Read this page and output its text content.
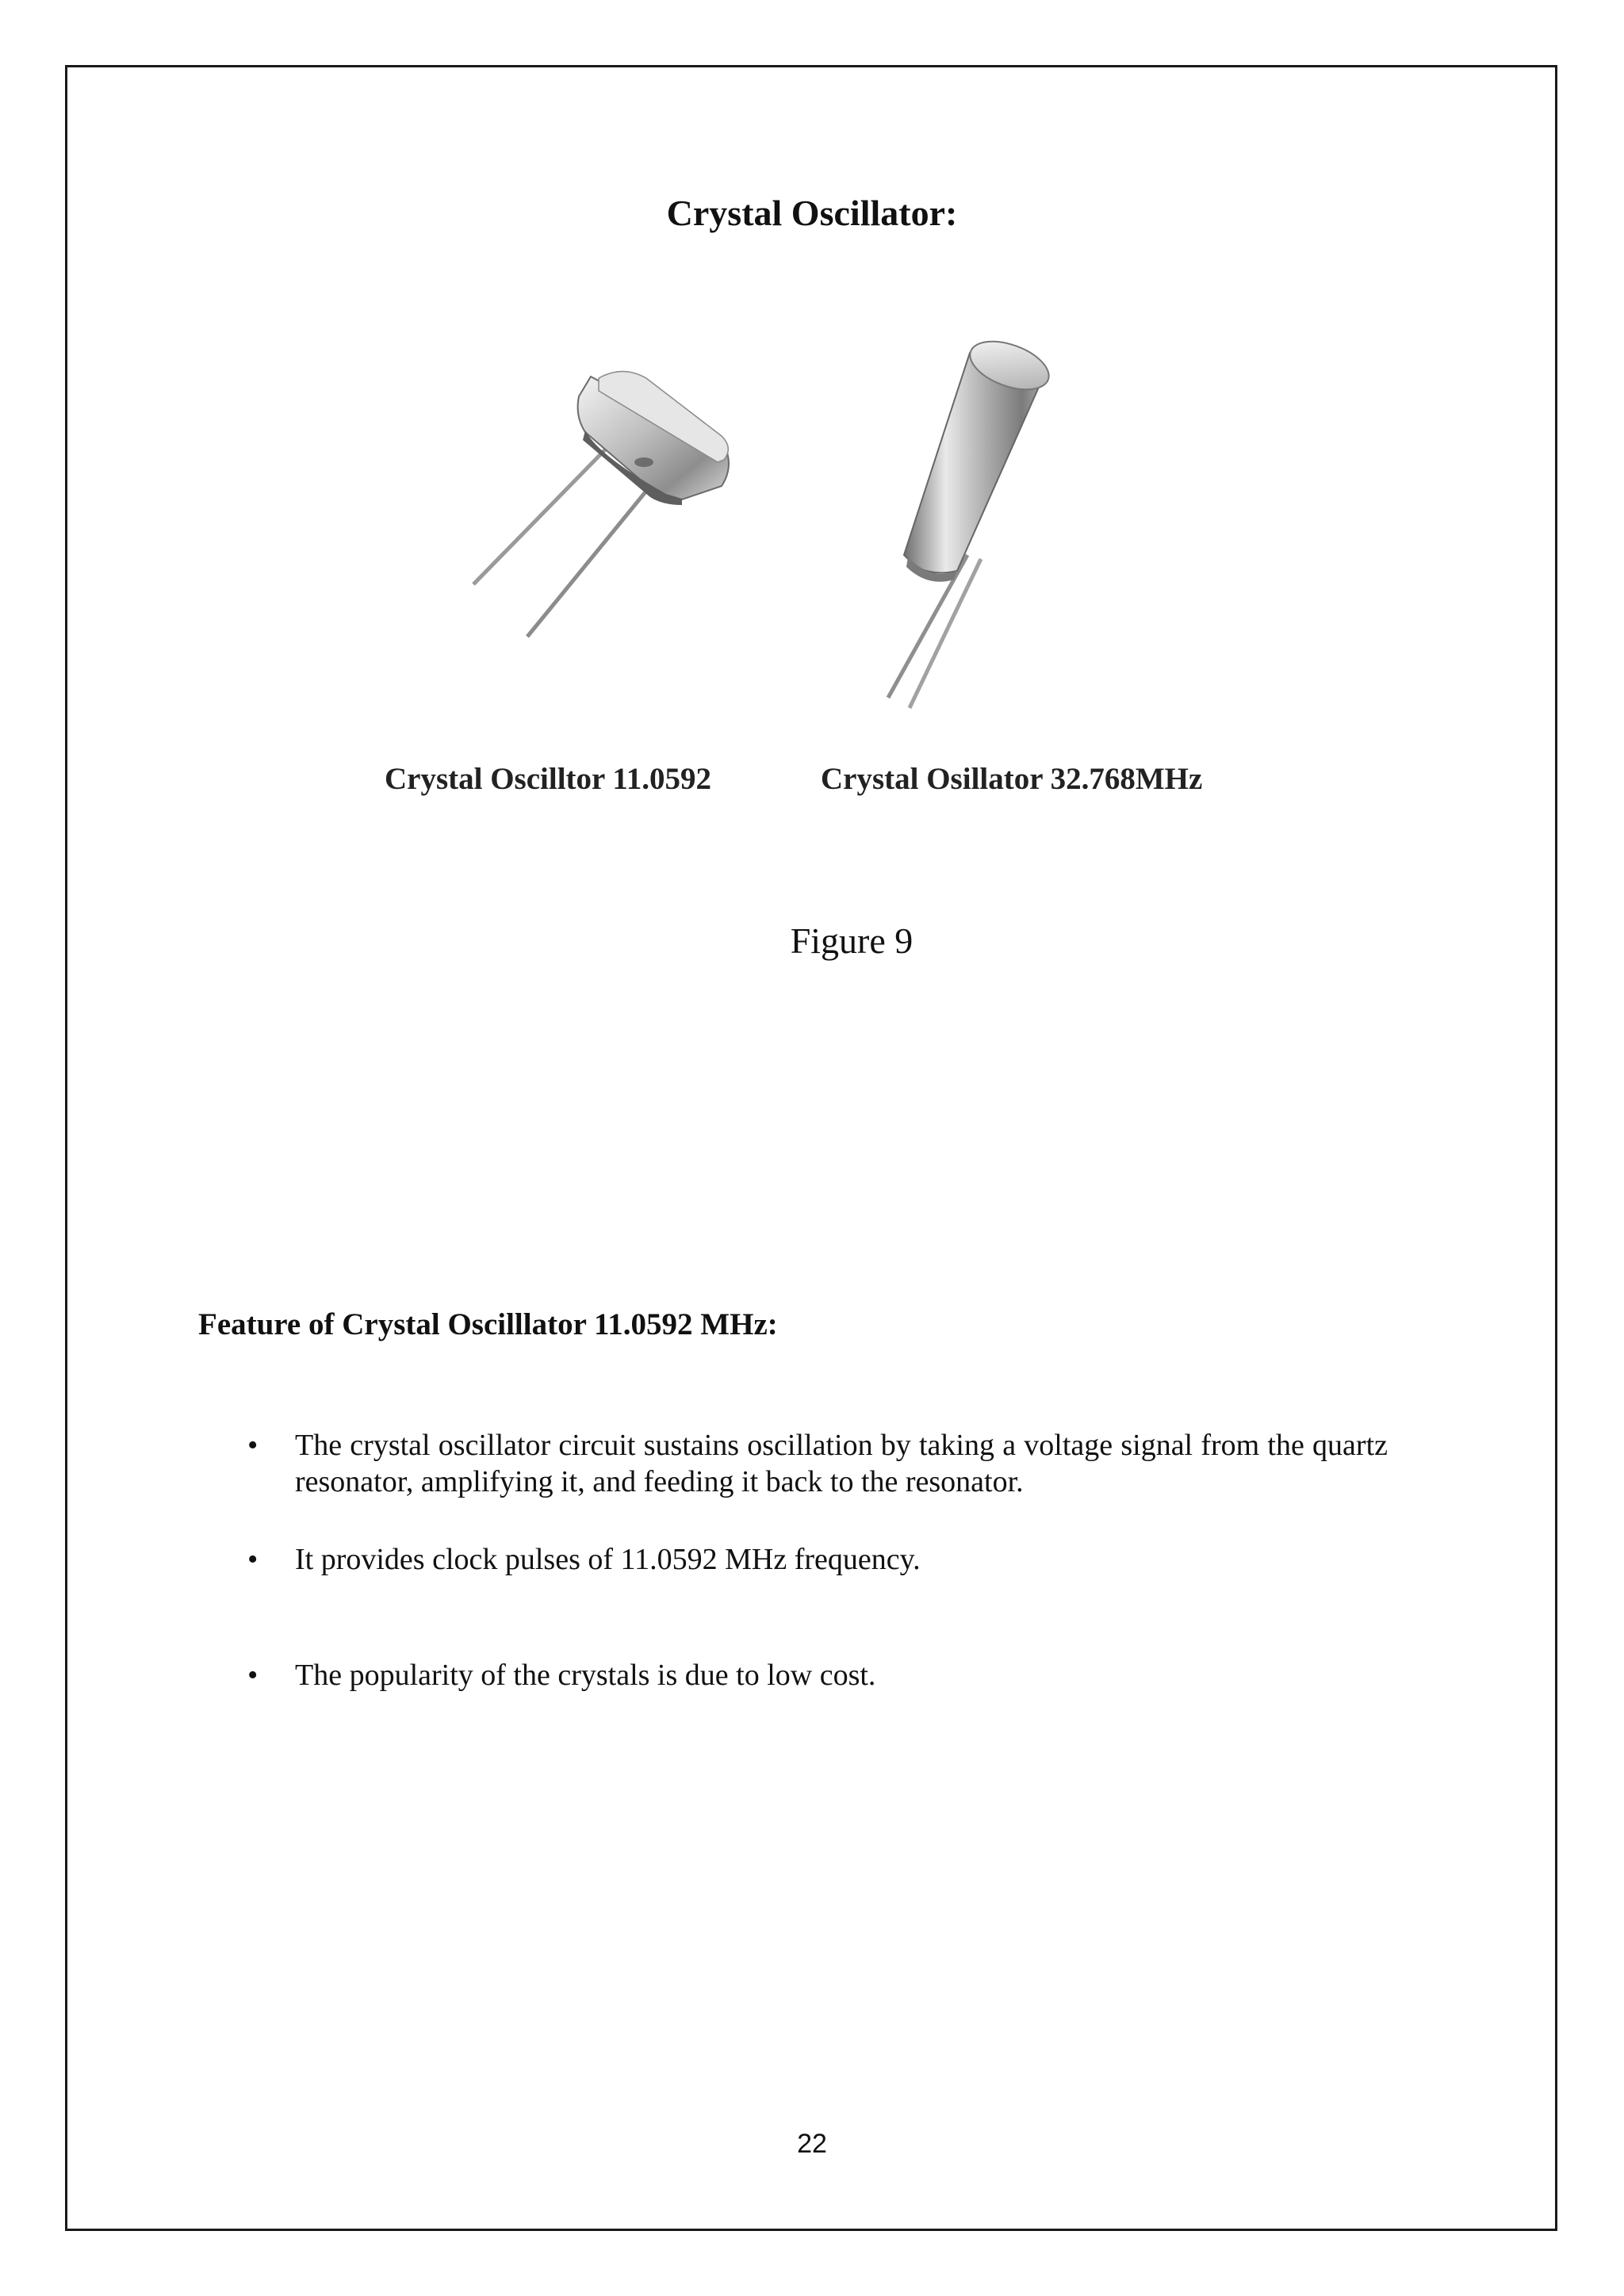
Crystal Oscillator:
Crystal Oscilltor 11.0592	Crystal Osillator 32.768MHz
Figure 9
Feature of Crystal Oscilllator 11.0592 MHz:
• The crystal oscillator circuit sustains oscillation by taking a voltage signal from the quartz resonator, amplifying it, and feeding it back to the resonator.
• It provides clock pulses of 11.0592 MHz frequency.
• The popularity of the crystals is due to low cost.
22
